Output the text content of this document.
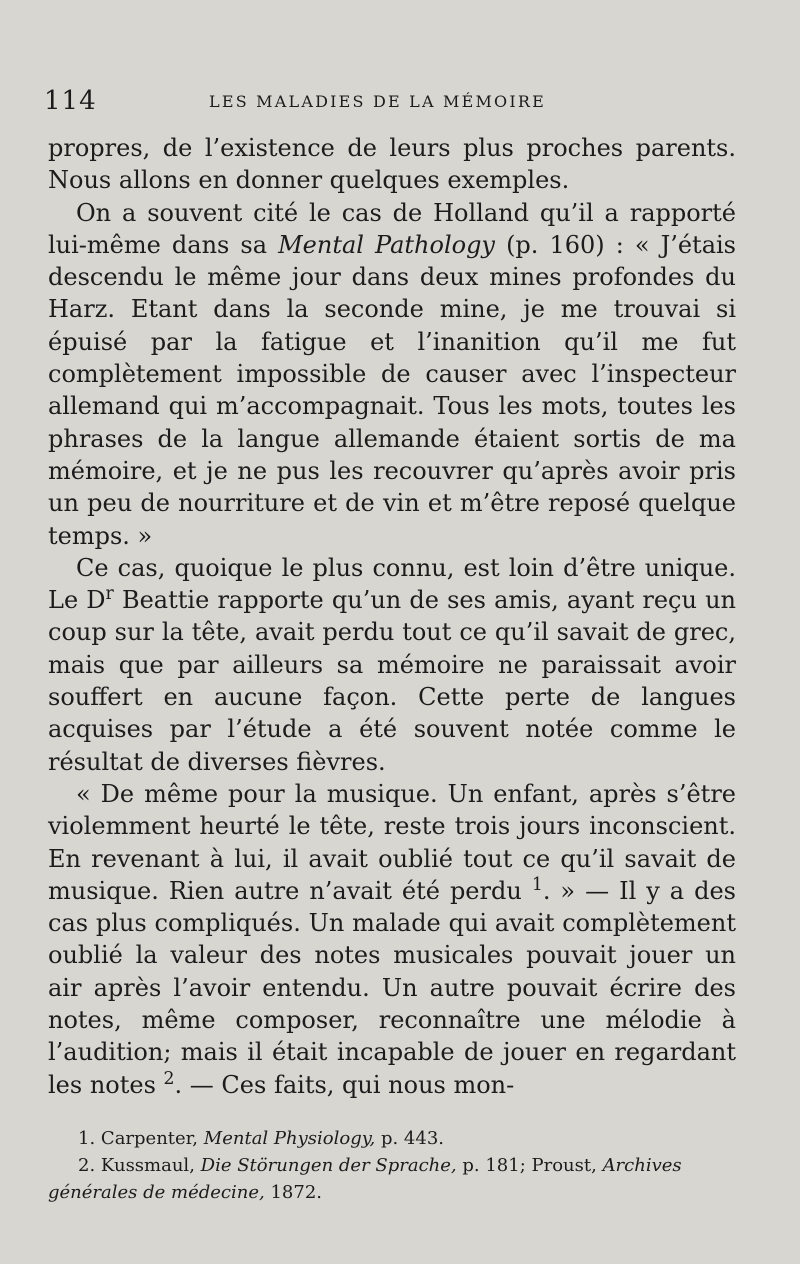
114	LES MALADIES DE LA MÉMOIRE

propres, de l’existence de leurs plus proches parents. Nous allons en donner quelques exemples.

On a souvent cité le cas de Holland qu’il a rapporté lui-même dans sa Mental Pathology (p. 160) : « J’étais descendu le même jour dans deux mines profondes du Harz. Etant dans la seconde mine, je me trouvai si épuisé par la fatigue et l’inanition qu’il me fut complètement impossible de causer avec l’inspecteur allemand qui m’accompagnait. Tous les mots, toutes les phrases de la langue allemande étaient sortis de ma mémoire, et je ne pus les recouvrer qu’après avoir pris un peu de nourriture et de vin et m’être reposé quelque temps. »

Ce cas, quoique le plus connu, est loin d’être unique. Le $D^r$ Beattie rapporte qu’un de ses amis, ayant reçu un coup sur la tête, avait perdu tout ce qu’il savait de grec, mais que par ailleurs sa mémoire ne paraissait avoir souffert en aucune façon. Cette perte de langues acquises par l’étude a été souvent notée comme le résultat de diverses fièvres.

« De même pour la musique. Un enfant, après s’être violemment heurté le tête, reste trois jours inconscient. En revenant à lui, il avait oublié tout ce qu’il savait de musique. Rien autre n’avait été perdu $^1$. » — Il y a des cas plus compliqués. Un malade qui avait complètement oublié la valeur des notes musicales pouvait jouer un air après l’avoir entendu. Un autre pouvait écrire des notes, même composer, reconnaître une mélodie à l’audition; mais il était incapable de jouer en regardant les notes $^2$. — Ces faits, qui nous mon-

1. Carpenter, Mental Physiology, p. 443.

2. Kussmaul, Die Störungen der Sprache, p. 181; Proust, Archives générales de médecine, 1872.
